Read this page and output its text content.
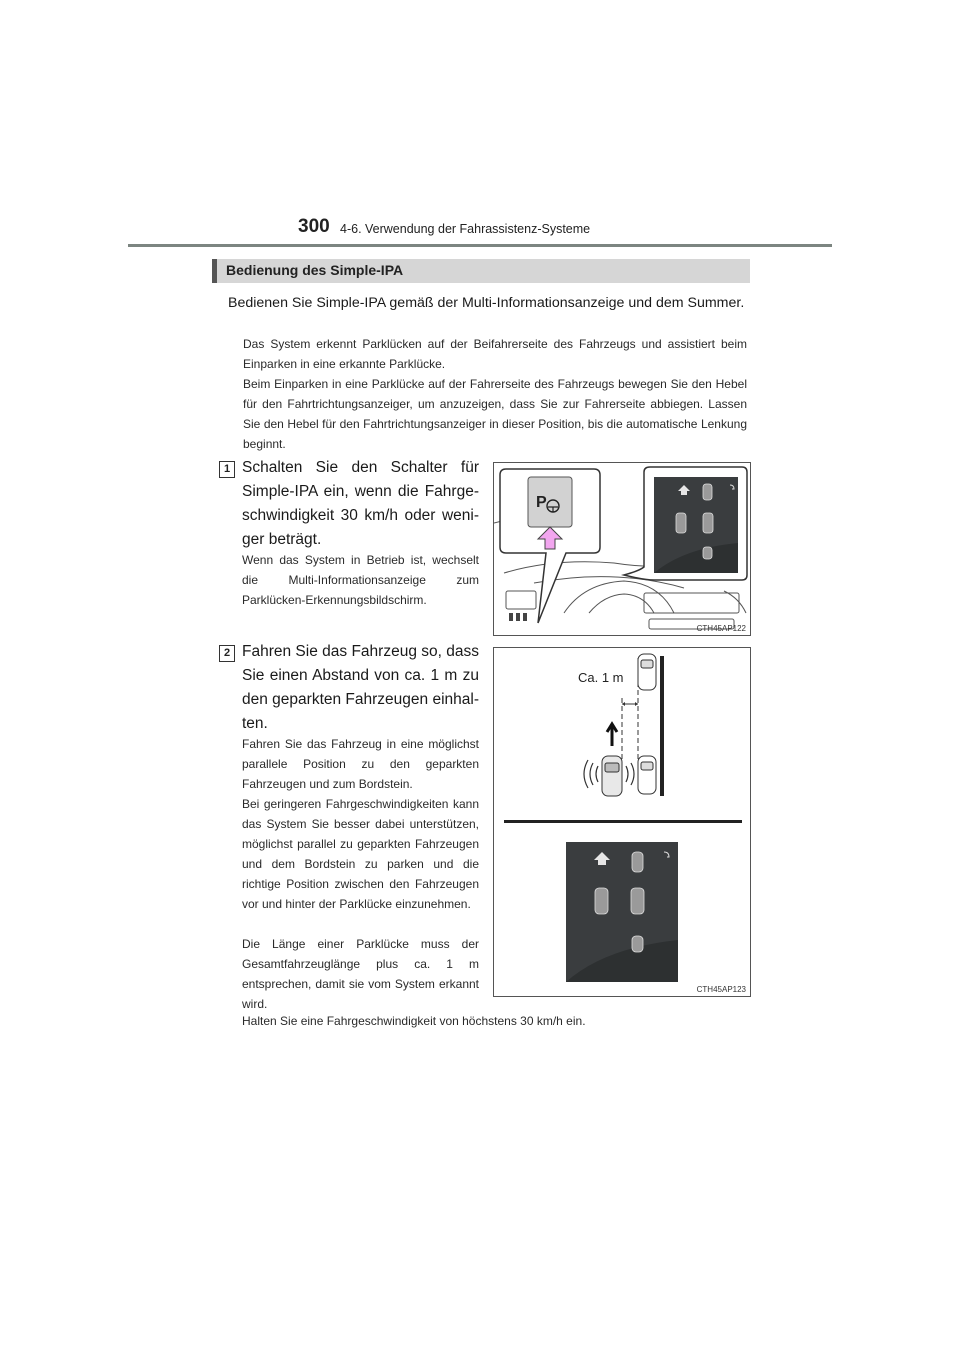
300 4-6. Verwendung der Fahrassistenz-Systeme
Bedienung des Simple-IPA
Bedienen Sie Simple-IPA gemäß der Multi-Informationsanzeige und dem Summer.
Das System erkennt Parklücken auf der Beifahrerseite des Fahrzeugs und assistiert beim Einparken in eine erkannte Parklücke.
Beim Einparken in eine Parklücke auf der Fahrerseite des Fahrzeugs bewegen Sie den Hebel für den Fahrtrichtungsanzeiger, um anzuzeigen, dass Sie zur Fahrerseite abbiegen. Lassen Sie den Hebel für den Fahrtrichtungsanzeiger in dieser Position, bis die automatische Lenkung beginnt.
1 Schalten Sie den Schalter für Simple-IPA ein, wenn die Fahrgeschwindigkeit 30 km/h oder weniger beträgt.
Wenn das System in Betrieb ist, wechselt die Multi-Informationsanzeige zum Parklücken-Erkennungsbildschirm.
P
CTH45AP122
2 Fahren Sie das Fahrzeug so, dass Sie einen Abstand von ca. 1 m zu den geparkten Fahrzeugen einhalten.
Fahren Sie das Fahrzeug in eine möglichst parallele Position zu den geparkten Fahrzeugen und zum Bordstein.
Bei geringeren Fahrgeschwindigkeiten kann das System Sie besser dabei unterstützen, möglichst parallel zu geparkten Fahrzeugen und dem Bordstein zu parken und die richtige Position zwischen den Fahrzeugen vor und hinter der Parklücke einzunehmen.
Die Länge einer Parklücke muss der Gesamtfahrzeuglänge plus ca. 1 m entsprechen, damit sie vom System erkannt wird.
Halten Sie eine Fahrgeschwindigkeit von höchstens 30 km/h ein.
Ca. 1 m
CTH45AP123
